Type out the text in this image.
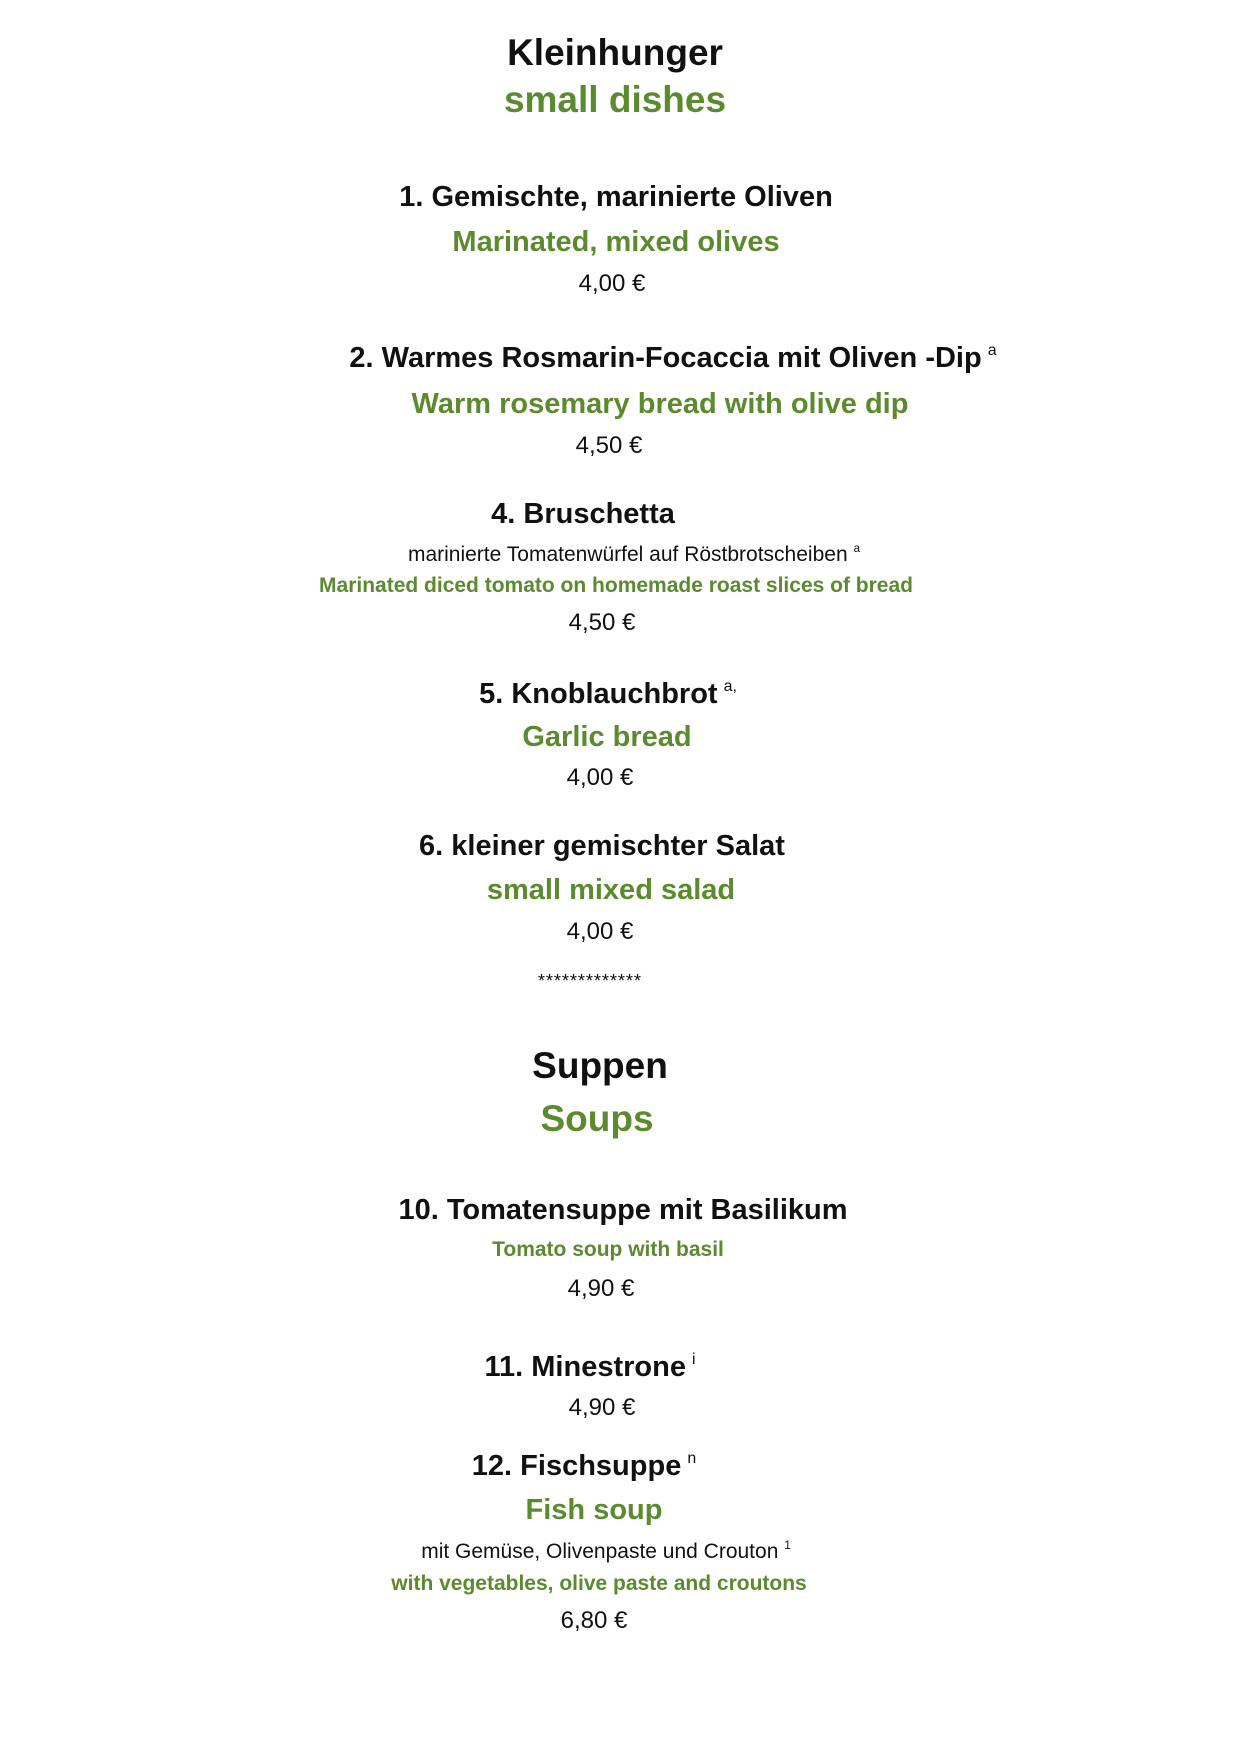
Kleinhunger
small dishes
1. Gemischte, marinierte Oliven
Marinated, mixed olives
4,00 €
2. Warmes Rosmarin-Focaccia mit Oliven -Dip $^a$
Warm rosemary bread with olive dip
4,50 €
4. Bruschetta
marinierte Tomatenwürfel auf Röstbrotscheiben $^a$
Marinated diced tomato on homemade roast slices of bread
4,50 €
5. Knoblauchbrot $^{a,}$
Garlic bread
4,00 €
6. kleiner gemischter Salat
small mixed salad
4,00 €
*************
Suppen
Soups
10. Tomatensuppe mit Basilikum
Tomato soup with basil
4,90 €
11. Minestrone $^i$
4,90 €
12. Fischsuppe $^n$
Fish soup
mit Gemüse, Olivenpaste und Crouton $^1$
with vegetables, olive paste and croutons
6,80 €
